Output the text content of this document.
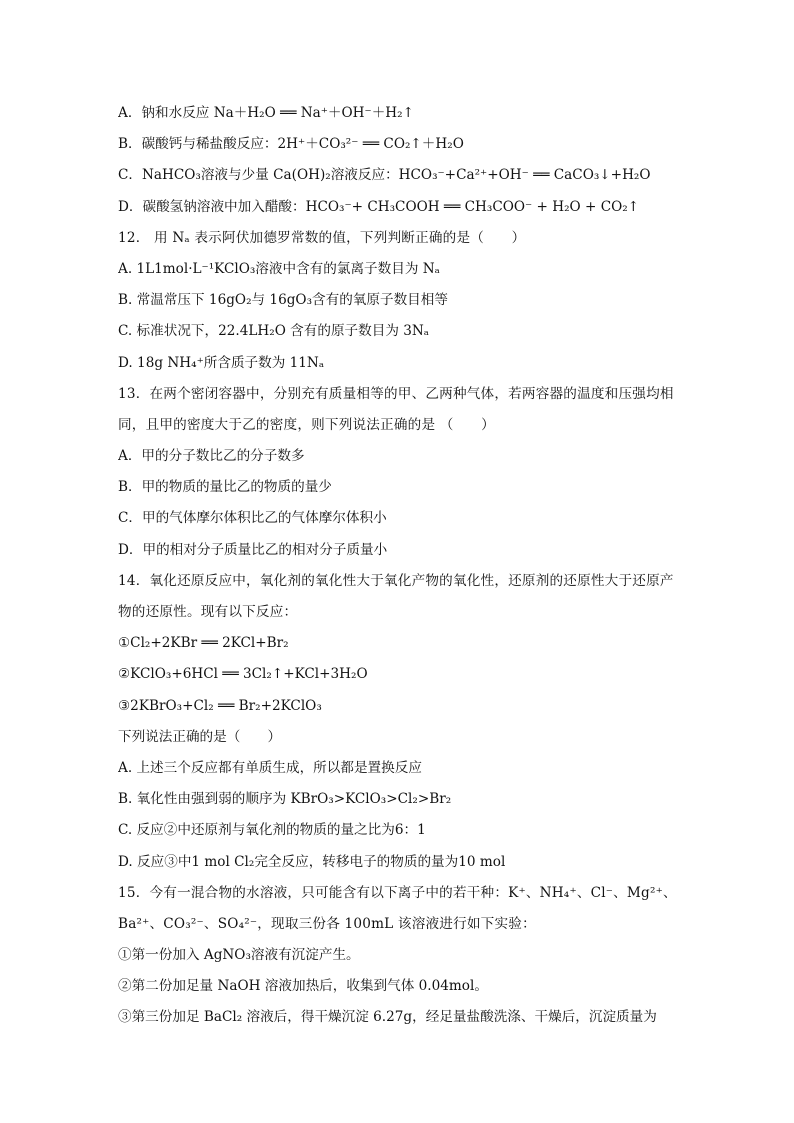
A．钠和水反应 Na＋H₂O ══ Na⁺＋OH⁻＋H₂↑
B．碳酸钙与稀盐酸反应：2H⁺＋CO₃²⁻ ══ CO₂↑＋H₂O
C．NaHCO₃溶液与少量 Ca(OH)₂溶液反应：HCO₃⁻+Ca²⁺+OH⁻ ══ CaCO₃↓+H₂O
D．碳酸氢钠溶液中加入醋酸：HCO₃⁻+ CH₃COOH ══ CH₃COO⁻ + H₂O + CO₂↑
12． 用 Nₐ 表示阿伏加德罗常数的值，下列判断正确的是（　　）
A. 1L1mol·L⁻¹KClO₃溶液中含有的氯离子数目为 Nₐ
B. 常温常压下 16gO₂与 16gO₃含有的氧原子数目相等
C. 标准状况下，22.4LH₂O 含有的原子数目为 3Nₐ
D. 18g NH₄⁺所含质子数为 11Nₐ
13．在两个密闭容器中，分别充有质量相等的甲、乙两种气体，若两容器的温度和压强均相
同，且甲的密度大于乙的密度，则下列说法正确的是 （　　）
A．甲的分子数比乙的分子数多
B．甲的物质的量比乙的物质的量少
C．甲的气体摩尔体积比乙的气体摩尔体积小
D．甲的相对分子质量比乙的相对分子质量小
14．氧化还原反应中，氧化剂的氧化性大于氧化产物的氧化性，还原剂的还原性大于还原产
物的还原性。现有以下反应：
①Cl₂+2KBr ══ 2KCl+Br₂
②KClO₃+6HCl ══ 3Cl₂↑+KCl+3H₂O
③2KBrO₃+Cl₂ ══ Br₂+2KClO₃
下列说法正确的是（　　）
A. 上述三个反应都有单质生成，所以都是置换反应
B. 氧化性由强到弱的顺序为 KBrO₃>KClO₃>Cl₂>Br₂
C. 反应②中还原剂与氧化剂的物质的量之比为6：1
D. 反应③中1 mol Cl₂完全反应，转移电子的物质的量为10 mol
15．今有一混合物的水溶液，只可能含有以下离子中的若干种：K⁺、NH₄⁺、Cl⁻、Mg²⁺、
Ba²⁺、CO₃²⁻、SO₄²⁻，现取三份各 100mL 该溶液进行如下实验：
①第一份加入 AgNO₃溶液有沉淀产生。
②第二份加足量 NaOH 溶液加热后，收集到气体 0.04mol。
③第三份加足 BaCl₂ 溶液后，得干燥沉淀 6.27g，经足量盐酸洗涤、干燥后，沉淀质量为
